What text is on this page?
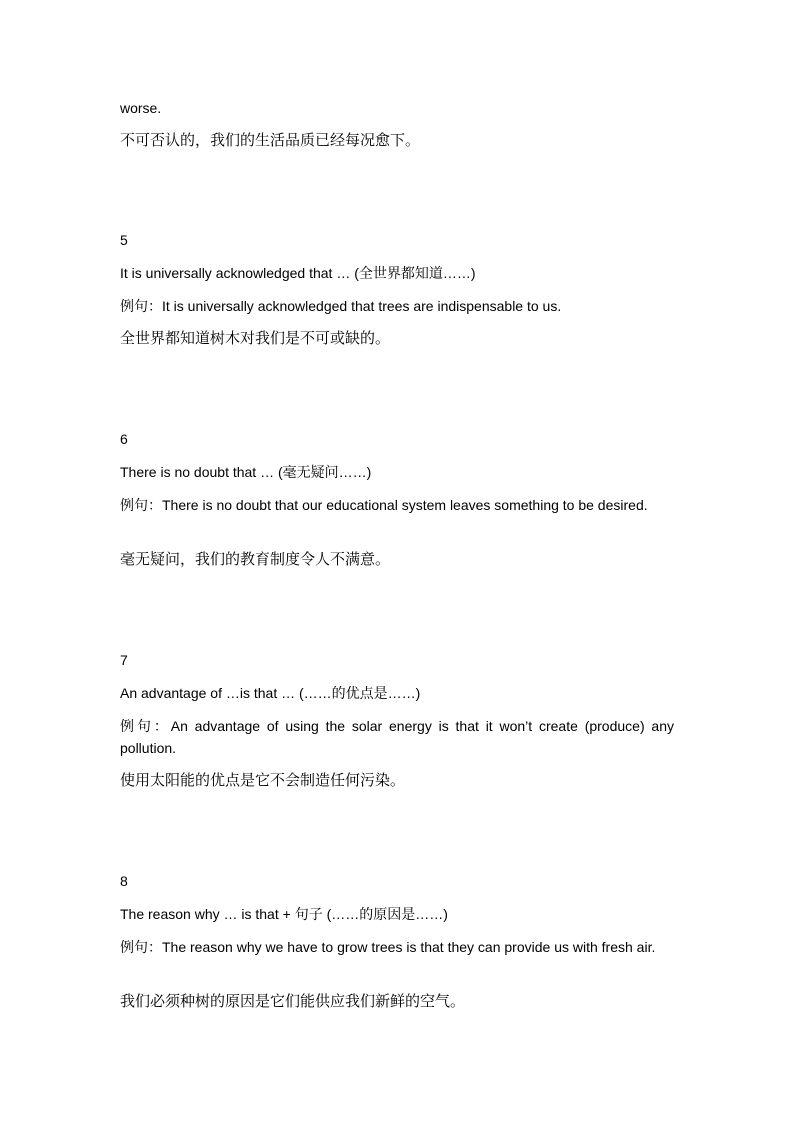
worse.
不可否认的，我们的生活品质已经每况愈下。
5
It is universally acknowledged that … (全世界都知道……)
例句：It is universally acknowledged that trees are indispensable to us.
全世界都知道树木对我们是不可或缺的。
6
There is no doubt that … (毫无疑问……)
例句：There is no doubt that our educational system leaves something to be desired.
毫无疑问，我们的教育制度令人不满意。
7
An advantage of …is that … (……的优点是……)
例句：An advantage of using the solar energy is that it won’t create (produce) any pollution.
使用太阳能的优点是它不会制造任何污染。
8
The reason why … is that + 句子 (……的原因是……)
例句：The reason why we have to grow trees is that they can provide us with fresh air.
我们必须种树的原因是它们能供应我们新鲜的空气。
